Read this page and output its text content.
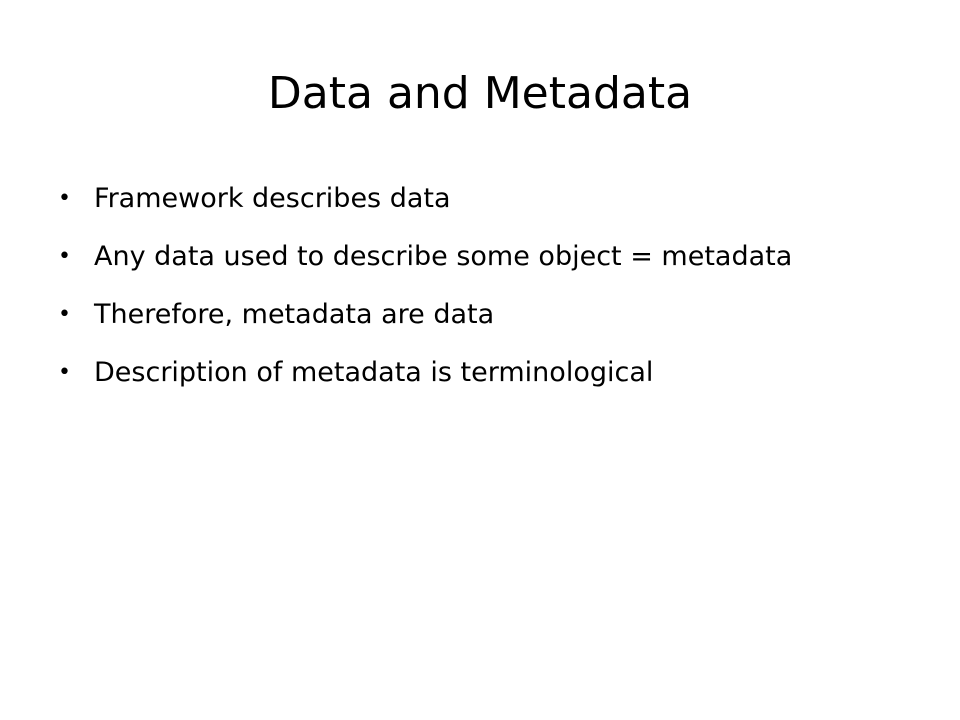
Data and Metadata
• Framework describes data
• Any data used to describe some object = metadata
• Therefore, metadata are data
• Description of metadata is terminological
